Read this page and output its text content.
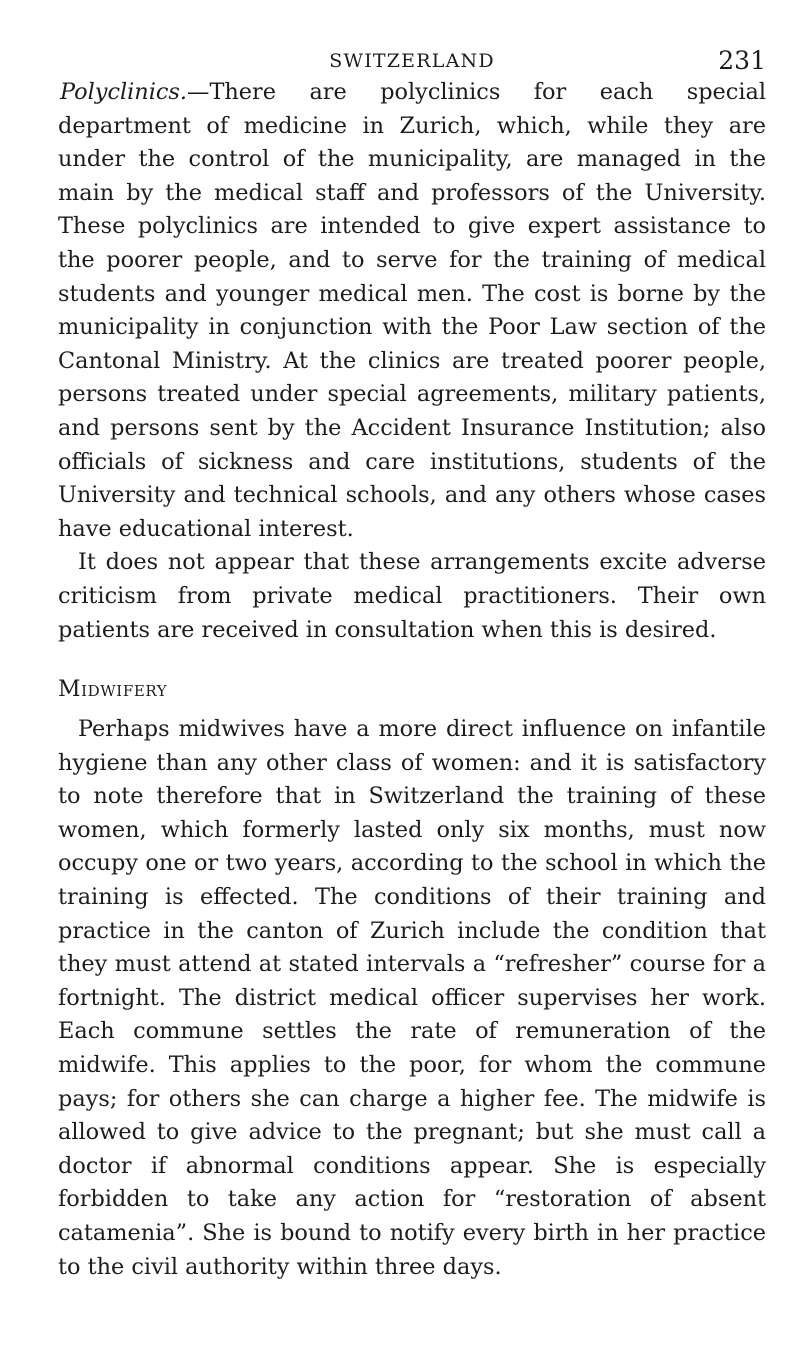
SWITZERLAND	231

Polyclinics.—There are polyclinics for each special department of medicine in Zurich, which, while they are under the control of the municipality, are managed in the main by the medical staff and professors of the University. These polyclinics are intended to give expert assistance to the poorer people, and to serve for the training of medical students and younger medical men. The cost is borne by the municipality in conjunction with the Poor Law section of the Cantonal Ministry. At the clinics are treated poorer people, persons treated under special agreements, military patients, and persons sent by the Accident Insurance Institution; also officials of sickness and care institutions, students of the University and technical schools, and any others whose cases have educational interest.

It does not appear that these arrangements excite adverse criticism from private medical practitioners. Their own patients are received in consultation when this is desired.

Midwifery

Perhaps midwives have a more direct influence on infantile hygiene than any other class of women: and it is satisfactory to note therefore that in Switzerland the training of these women, which formerly lasted only six months, must now occupy one or two years, according to the school in which the training is effected. The conditions of their training and practice in the canton of Zurich include the condition that they must attend at stated intervals a “refresher” course for a fortnight. The district medical officer supervises her work. Each commune settles the rate of remuneration of the midwife. This applies to the poor, for whom the commune pays; for others she can charge a higher fee. The midwife is allowed to give advice to the pregnant; but she must call a doctor if abnormal conditions appear. She is especially forbidden to take any action for “restoration of absent catamenia”. She is bound to notify every birth in her practice to the civil authority within three days.
